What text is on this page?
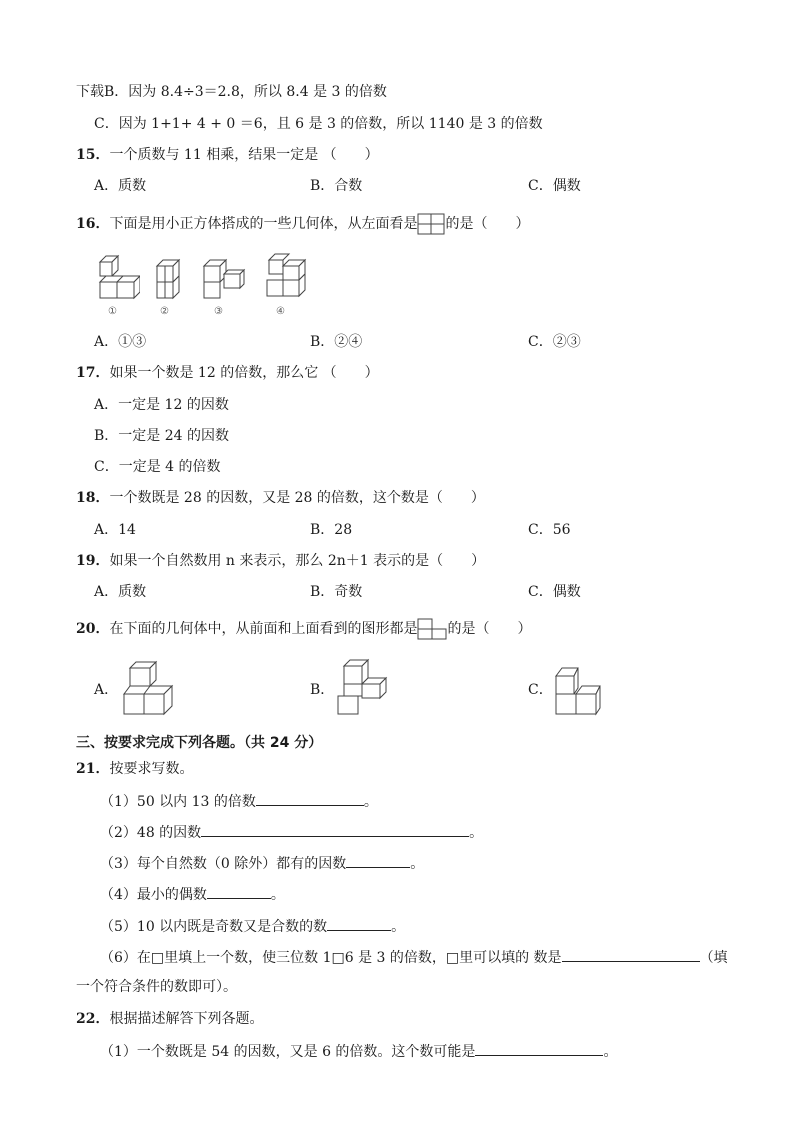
下载B．因为 8.4÷3＝2.8，所以 8.4 是 3 的倍数
C．因为 1+1+ 4 + 0 ＝6，且 6 是 3 的倍数，所以 1140 是 3 的倍数
15．一个质数与 11 相乘，结果一定是 （　　）
A．质数	B．合数	C．偶数
16．下面是用小正方体搭成的一些几何体，从左面看是 的是（　　）
①	②	③	④
A．①③	B．②④	C．②③
17．如果一个数是 12 的倍数，那么它 （　　）
A．一定是 12 的因数
B．一定是 24 的因数
C．一定是 4 的倍数
18．一个数既是 28 的因数，又是 28 的倍数，这个数是（　　）
A．14	B．28	C．56
19．如果一个自然数用 n 来表示，那么 2n＋1 表示的是（　　）
A．质数	B．奇数	C．偶数
20．在下面的几何体中，从前面和上面看到的图形都是 的是（　　）
A．	B．	C．
三、按要求完成下列各题。（共 24 分）
21．按要求写数。
（1）50 以内 13 的倍数	。
（2）48 的因数	。
（3）每个自然数（0 除外）都有的因数	。
（4）最小的偶数	。
（5）10 以内既是奇数又是合数的数	。
（6）在□里填上一个数，使三位数 1□6 是 3 的倍数，□里可以填的 数是	（填
一个符合条件的数即可）。
22．根据描述解答下列各题。
（1）一个数既是 54 的因数，又是 6 的倍数。这个数可能是	。
